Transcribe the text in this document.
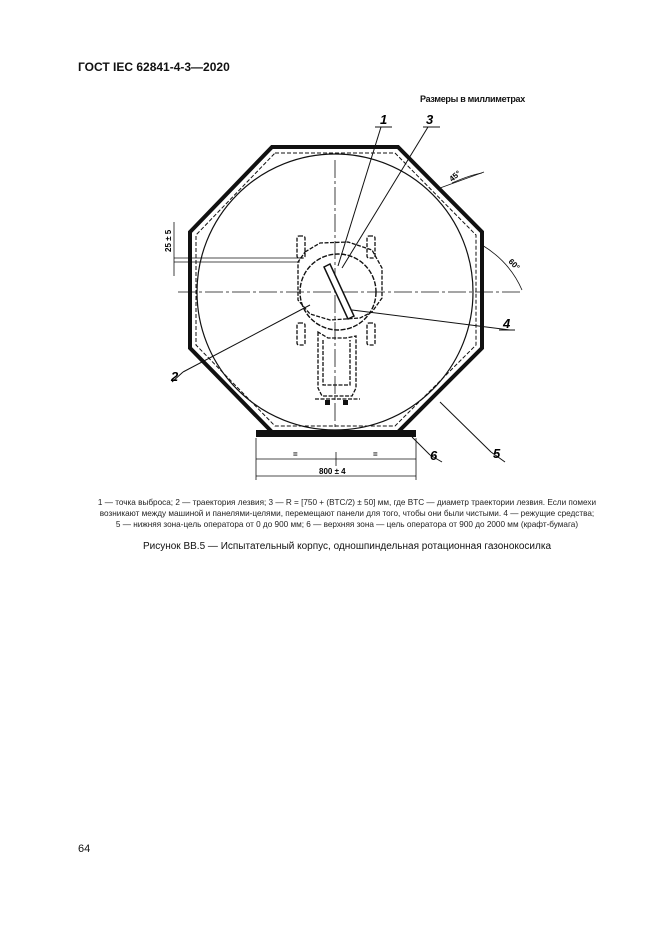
ГОСТ IEC 62841-4-3—2020
Размеры в миллиметрах
1	3
2
4
5
6
25 ± 5
=	=
800 ± 4
45°
60°
1 — точка выброса; 2 — траектория лезвия; 3 — R = [750 + (BTC/2) ± 50] мм, где BTC — диаметр траектории лезвия. Если помехи
возникают между машиной и панелями-целями, перемещают панели для того, чтобы они были чистыми. 4 — режущие средства;
5 — нижняя зона-цель оператора от 0 до 900 мм; 6 — верхняя зона — цель оператора от 900 до 2000 мм (крафт-бумага)
Рисунок ВВ.5 — Испытательный корпус, одношпиндельная ротационная газонокосилка
64
